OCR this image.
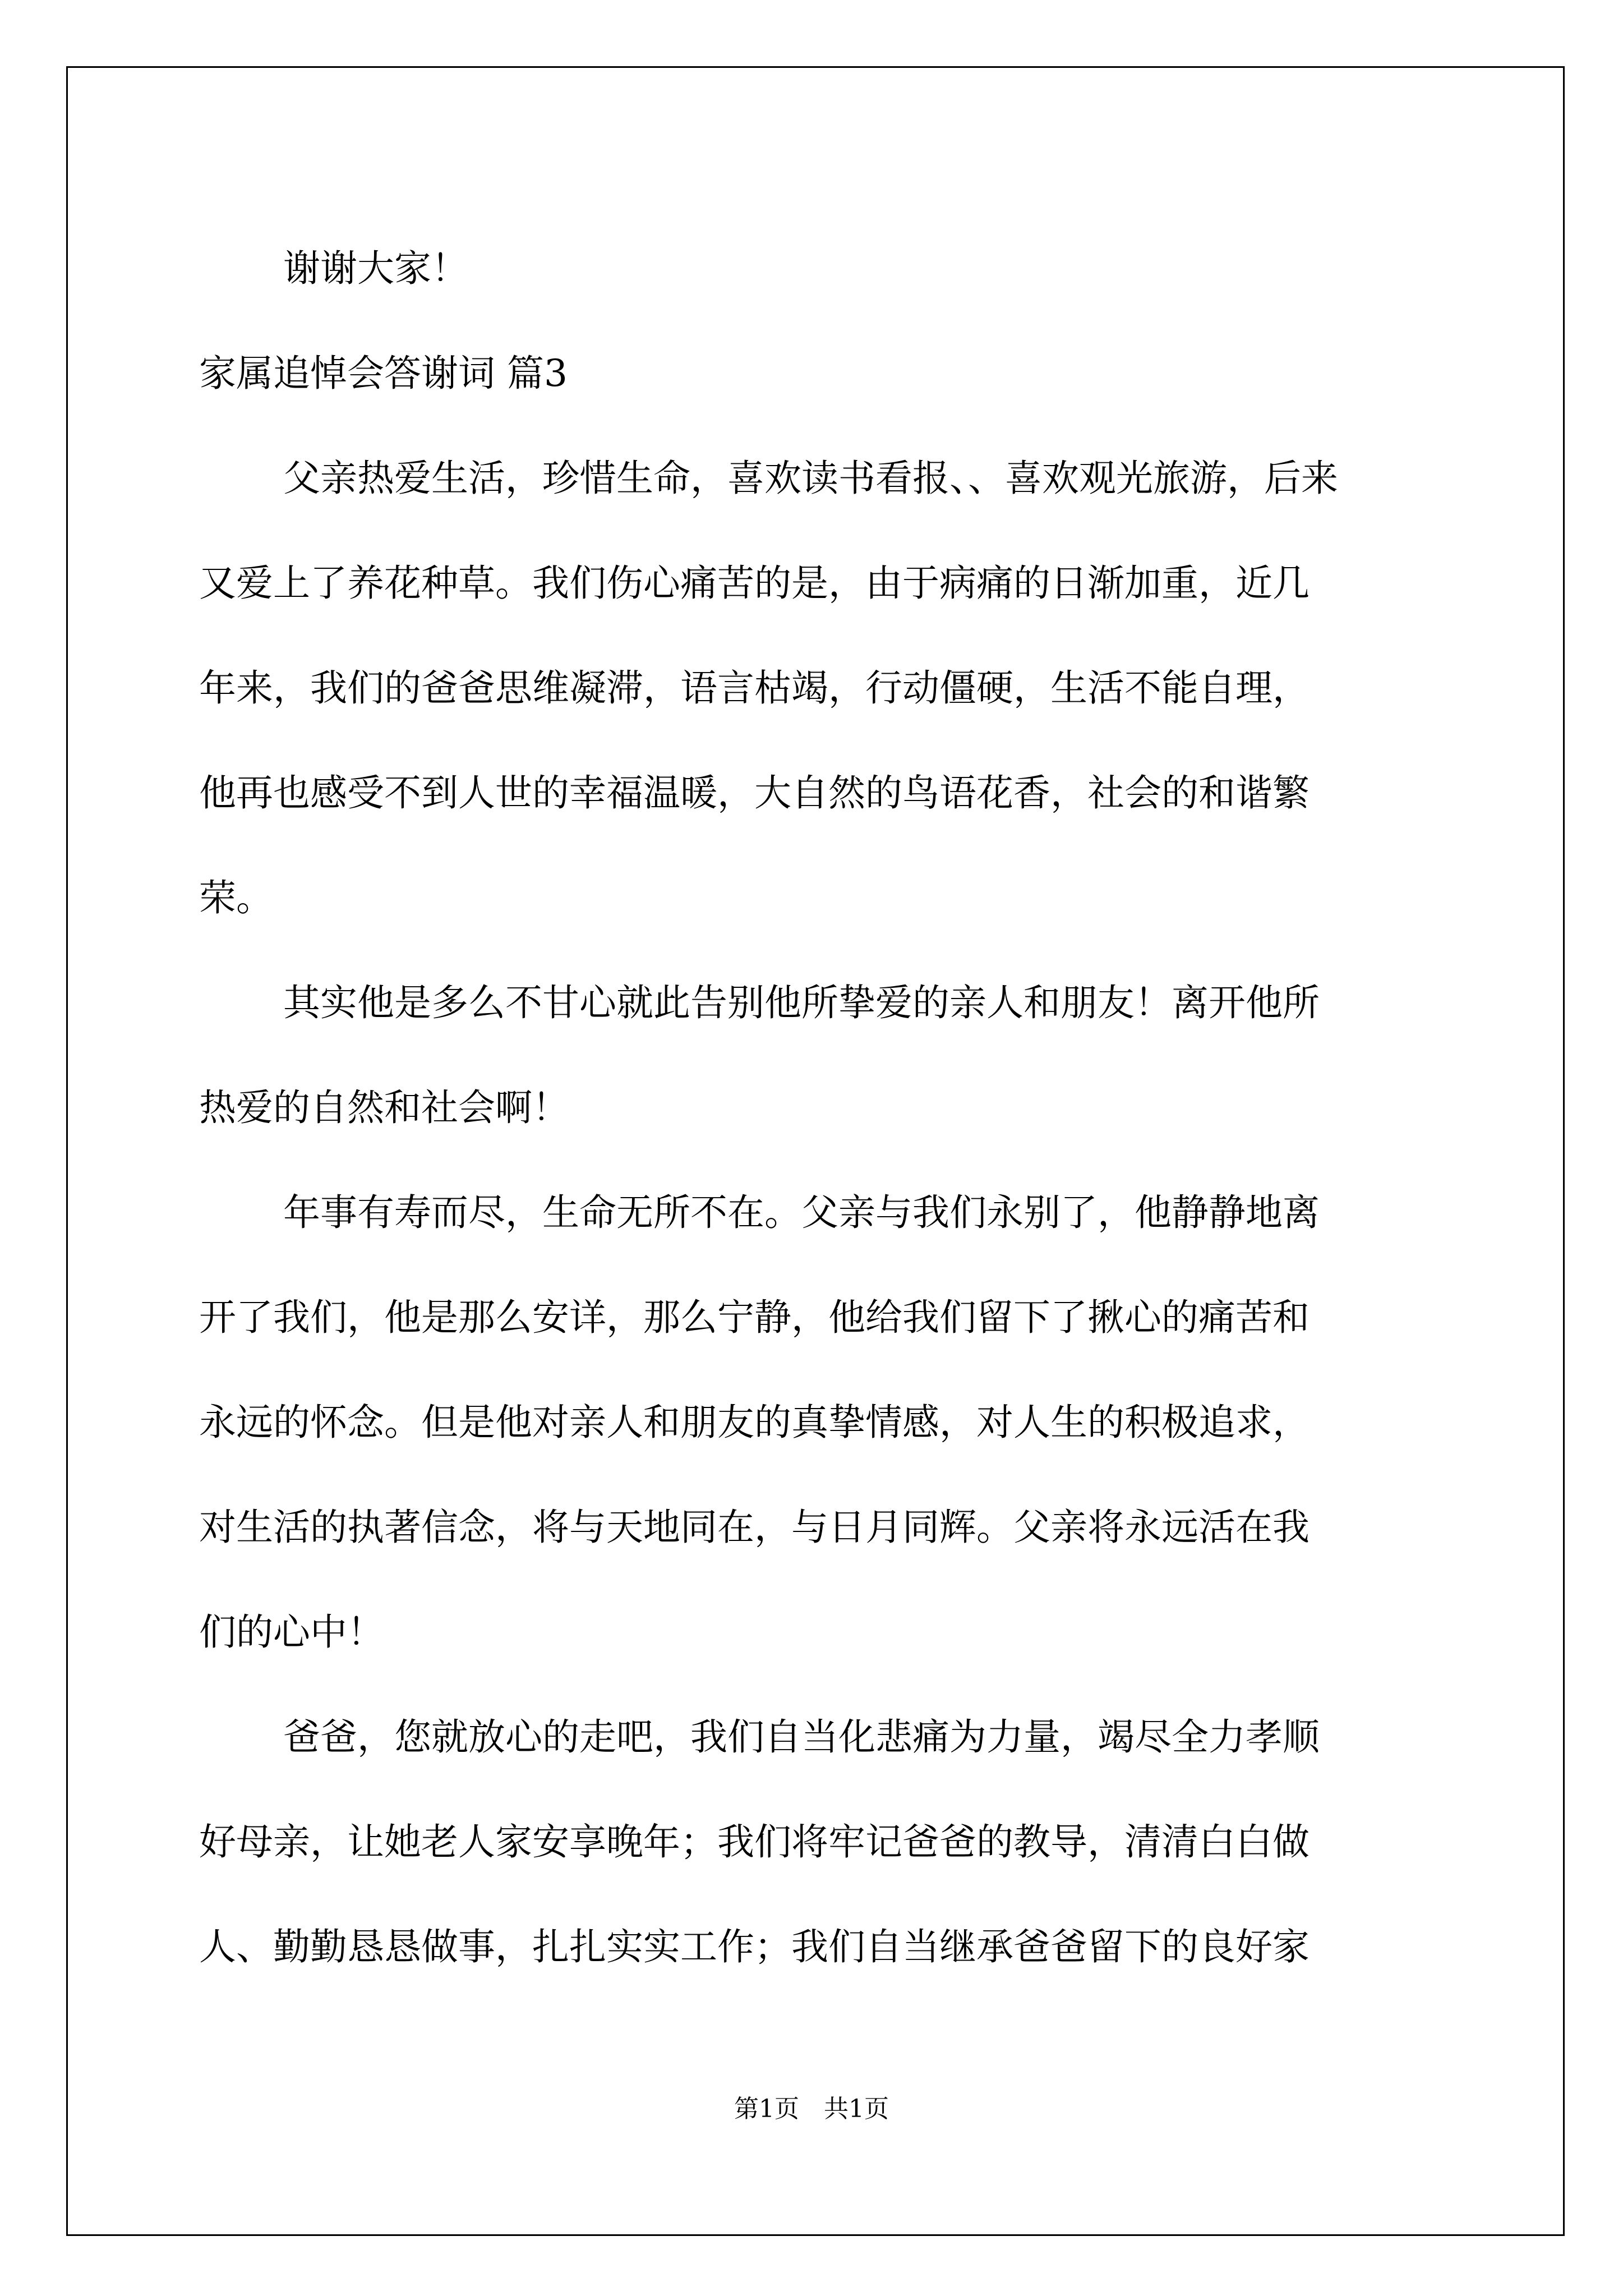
谢谢大家！

家属追悼会答谢词 篇3

父亲热爱生活，珍惜生命，喜欢读书看报、、喜欢观光旅游，后来
又爱上了养花种草。我们伤心痛苦的是，由于病痛的日渐加重，近几
年来，我们的爸爸思维凝滞，语言枯竭，行动僵硬，生活不能自理，
他再也感受不到人世的幸福温暖，大自然的鸟语花香，社会的和谐繁
荣。

其实他是多么不甘心就此告别他所挚爱的亲人和朋友！离开他所
热爱的自然和社会啊！

年事有寿而尽，生命无所不在。父亲与我们永别了，他静静地离
开了我们，他是那么安详，那么宁静，他给我们留下了揪心的痛苦和
永远的怀念。但是他对亲人和朋友的真挚情感，对人生的积极追求，
对生活的执著信念，将与天地同在，与日月同辉。父亲将永远活在我
们的心中！

爸爸，您就放心的走吧，我们自当化悲痛为力量，竭尽全力孝顺
好母亲，让她老人家安享晚年；我们将牢记爸爸的教导，清清白白做
人、勤勤恳恳做事，扎扎实实工作；我们自当继承爸爸留下的良好家

第1页　共1页
